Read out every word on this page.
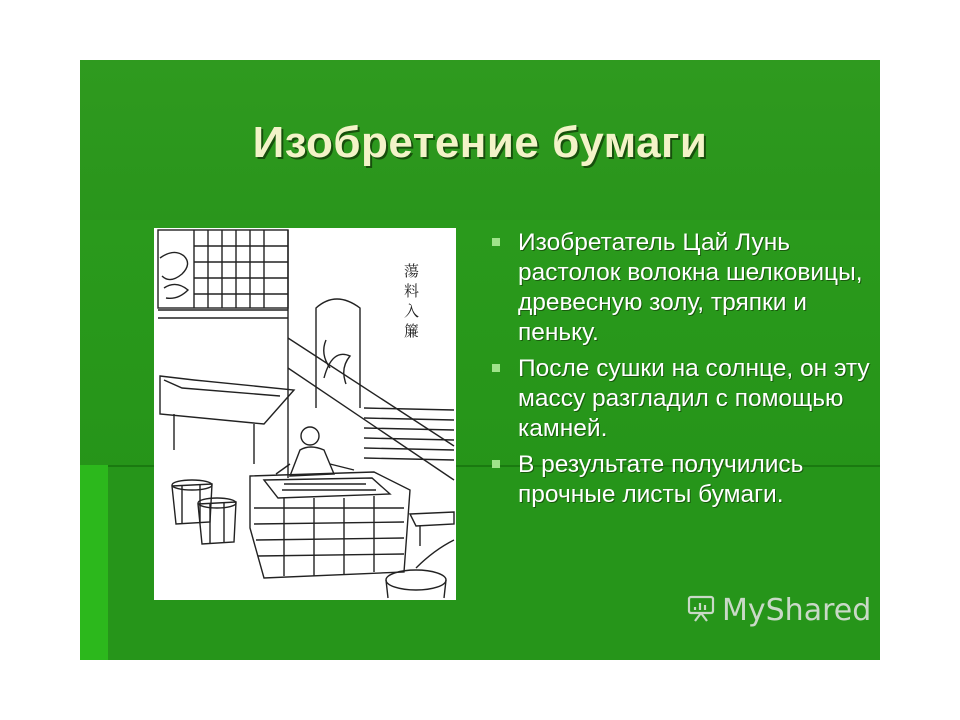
Изобретение бумаги
蕩
料
入
簾
Изобретатель Цай Лунь растолок волокна шелковицы, древесную золу, тряпки и пеньку.
После сушки на солнце, он эту массу разгладил с помощью камней.
В результате получились прочные листы бумаги.
MyShared
